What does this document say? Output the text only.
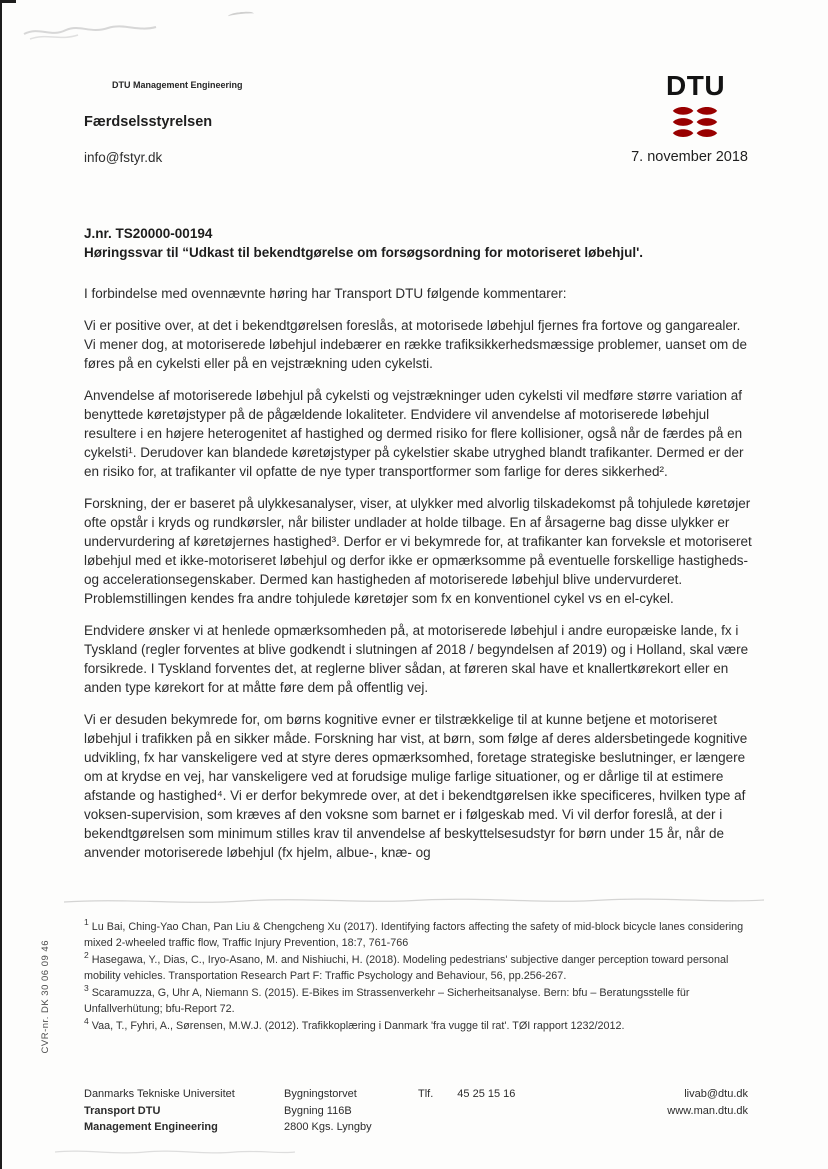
DTU Management Engineering
Færdselsstyrelsen
info@fstyr.dk
DTU
7. november 2018
J.nr. TS20000-00194
Høringssvar til “Udkast til bekendtgørelse om forsøgsordning for motoriseret løbehjul'.

I forbindelse med ovennævnte høring har Transport DTU følgende kommentarer:

Vi er positive over, at det i bekendtgørelsen foreslås, at motorisede løbehjul fjernes fra fortove og gangarealer. Vi mener dog, at motoriserede løbehjul indebærer en række trafiksikkerhedsmæssige problemer, uanset om de føres på en cykelsti eller på en vejstrækning uden cykelsti.

Anvendelse af motoriserede løbehjul på cykelsti og vejstrækninger uden cykelsti vil medføre større variation af benyttede køretøjstyper på de pågældende lokaliteter. Endvidere vil anvendelse af motoriserede løbehjul resultere i en højere heterogenitet af hastighed og dermed risiko for flere kollisioner, også når de færdes på en cykelsti¹. Derudover kan blandede køretøjstyper på cykelstier skabe utryghed blandt trafikanter. Dermed er der en risiko for, at trafikanter vil opfatte de nye typer transportformer som farlige for deres sikkerhed².

Forskning, der er baseret på ulykkesanalyser, viser, at ulykker med alvorlig tilskadekomst på tohjulede køretøjer ofte opstår i kryds og rundkørsler, når bilister undlader at holde tilbage. En af årsagerne bag disse ulykker er undervurdering af køretøjernes hastighed³. Derfor er vi bekymrede for, at trafikanter kan forveksle et motoriseret løbehjul med et ikke-motoriseret løbehjul og derfor ikke er opmærksomme på eventuelle forskellige hastigheds- og accelerationsegenskaber. Dermed kan hastigheden af motoriserede løbehjul blive undervurderet. Problemstillingen kendes fra andre tohjulede køretøjer som fx en konventionel cykel vs en el-cykel.

Endvidere ønsker vi at henlede opmærksomheden på, at motoriserede løbehjul i andre europæiske lande, fx i Tyskland (regler forventes at blive godkendt i slutningen af 2018 / begyndelsen af 2019) og i Holland, skal være forsikrede. I Tyskland forventes det, at reglerne bliver sådan, at føreren skal have et knallertkørekort eller en anden type kørekort for at måtte føre dem på offentlig vej.

Vi er desuden bekymrede for, om børns kognitive evner er tilstrækkelige til at kunne betjene et motoriseret løbehjul i trafikken på en sikker måde. Forskning har vist, at børn, som følge af deres aldersbetingede kognitive udvikling, fx har vanskeligere ved at styre deres opmærksomhed, foretage strategiske beslutninger, er længere om at krydse en vej, har vanskeligere ved at forudsige mulige farlige situationer, og er dårlige til at estimere afstande og hastighed⁴. Vi er derfor bekymrede over, at det i bekendtgørelsen ikke specificeres, hvilken type af voksen-supervision, som kræves af den voksne som barnet er i følgeskab med. Vi vil derfor foreslå, at der i bekendtgørelsen som minimum stilles krav til anvendelse af beskyttelsesudstyr for børn under 15 år, når de anvender motoriserede løbehjul (fx hjelm, albue-, knæ- og

$^1$ Lu Bai, Ching-Yao Chan, Pan Liu & Chengcheng Xu (2017). Identifying factors affecting the safety of mid-block bicycle lanes considering mixed 2-wheeled traffic flow, Traffic Injury Prevention, 18:7, 761-766
$^2$ Hasegawa, Y., Dias, C., Iryo-Asano, M. and Nishiuchi, H. (2018). Modeling pedestrians' subjective danger perception toward personal mobility vehicles. Transportation Research Part F: Traffic Psychology and Behaviour, 56, pp.256-267.
$^3$ Scaramuzza, G, Uhr A, Niemann S. (2015). E-Bikes im Strassenverkehr – Sicherheitsanalyse. Bern: bfu – Beratungsstelle für Unfallverhütung; bfu-Report 72.
$^4$ Vaa, T., Fyhri, A., Sørensen, M.W.J. (2012). Trafikkoplæring i Danmark 'fra vugge til rat'. TØI rapport 1232/2012.
CVR-nr. DK 30 06 09 46
Danmarks Tekniske Universitet
Transport DTU
Management Engineering
Bygningstorvet
Bygning 116B
2800 Kgs. Lyngby
Tlf. 45 25 15 16	livab@dtu.dk
www.man.dtu.dk
